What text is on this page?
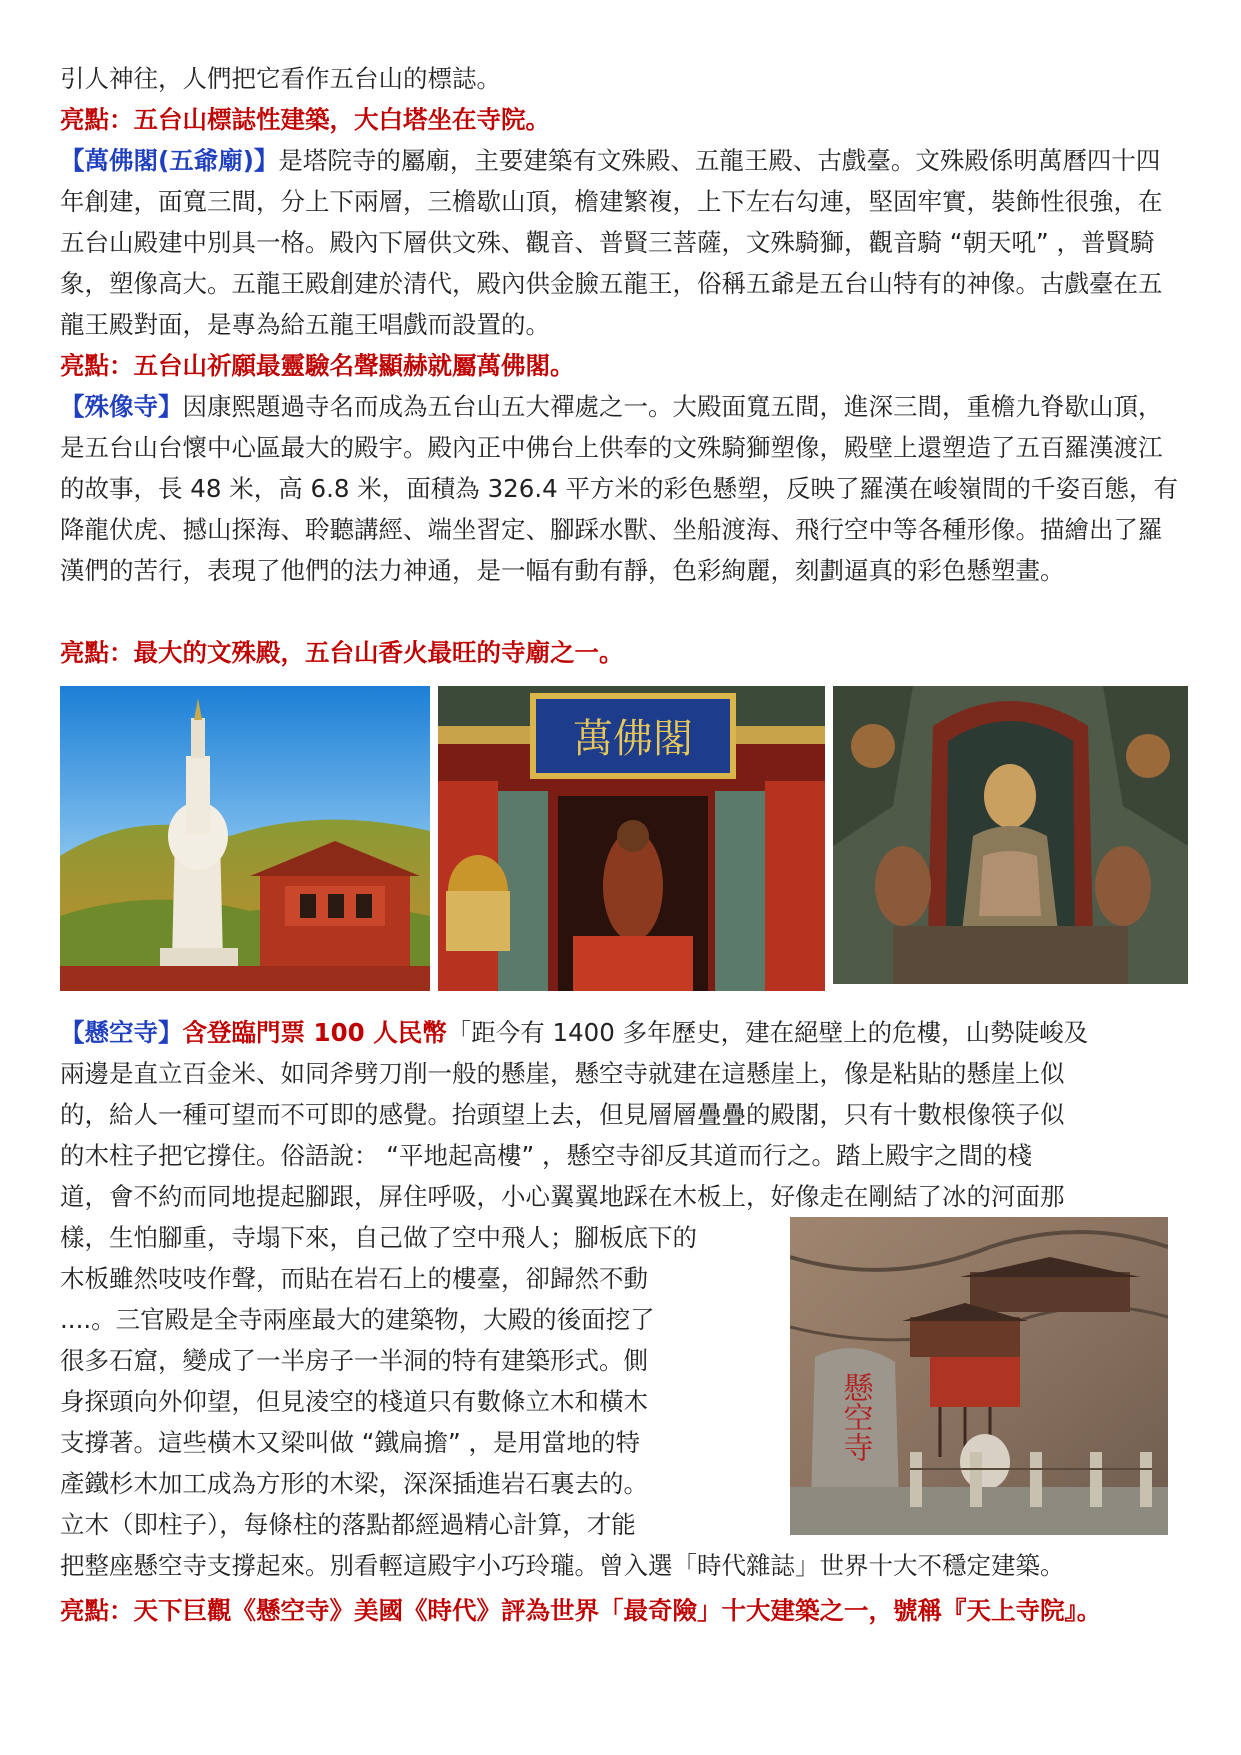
引人神往，人們把它看作五台山的標誌。

亮點：五台山標誌性建築，大白塔坐在寺院。

【萬佛閣(五爺廟)】是塔院寺的屬廟，主要建築有文殊殿、五龍王殿、古戲臺。文殊殿係明萬曆四十四年創建，面寬三間，分上下兩層，三檐歇山頂，檐建繁複，上下左右勾連，堅固牢實，裝飾性很強，在五台山殿建中別具一格。殿內下層供文殊、觀音、普賢三菩薩，文殊騎獅，觀音騎 “朝天吼” ，普賢騎象，塑像高大。五龍王殿創建於清代，殿內供金臉五龍王，俗稱五爺是五台山特有的神像。古戲臺在五龍王殿對面，是專為給五龍王唱戲而設置的。

亮點：五台山祈願最靈驗名聲顯赫就屬萬佛閣。

【殊像寺】因康熙題過寺名而成為五台山五大禪處之一。大殿面寬五間，進深三間，重檐九脊歇山頂，是五台山台懷中心區最大的殿宇。殿內正中佛台上供奉的文殊騎獅塑像，殿壁上還塑造了五百羅漢渡江的故事，長 48 米，高 6.8 米，面積為 326.4 平方米的彩色懸塑，反映了羅漢在峻嶺間的千姿百態，有降龍伏虎、撼山探海、聆聽講經、端坐習定、腳踩水獸、坐船渡海、飛行空中等各種形像。描繪出了羅漢們的苦行，表現了他們的法力神通，是一幅有動有靜，色彩絢麗，刻劃逼真的彩色懸塑畫。

亮點：最大的文殊殿，五台山香火最旺的寺廟之一。

萬佛閣

【懸空寺】含登臨門票 100 人民幣「距今有 1400 多年歷史，建在絕壁上的危樓，山勢陡峻及

兩邊是直立百金米、如同斧劈刀削一般的懸崖，懸空寺就建在這懸崖上，像是粘貼的懸崖上似

的，給人一種可望而不可即的感覺。抬頭望上去，但見層層疊疊的殿閣，只有十數根像筷子似

的木柱子把它撐住。俗語說： “平地起高樓” ，懸空寺卻反其道而行之。踏上殿宇之間的棧

道，會不約而同地提起腳跟，屏住呼吸，小心翼翼地踩在木板上，好像走在剛結了冰的河面那

樣，生怕腳重，寺塌下來，自己做了空中飛人；腳板底下的

木板雖然吱吱作聲，而貼在岩石上的樓臺，卻歸然不動

....。三官殿是全寺兩座最大的建築物，大殿的後面挖了

很多石窟，變成了一半房子一半洞的特有建築形式。側

身探頭向外仰望，但見淩空的棧道只有數條立木和橫木

支撐著。這些橫木又梁叫做 “鐵扁擔” ，是用當地的特

產鐵杉木加工成為方形的木梁，深深插進岩石裏去的。

立木（即柱子），每條柱的落點都經過精心計算，才能

把整座懸空寺支撐起來。別看輕這殿宇小巧玲瓏。曾入選「時代雜誌」世界十大不穩定建築。

懸空寺

亮點：天下巨觀《懸空寺》美國《時代》評為世界「最奇險」十大建築之一，號稱『天上寺院』。
